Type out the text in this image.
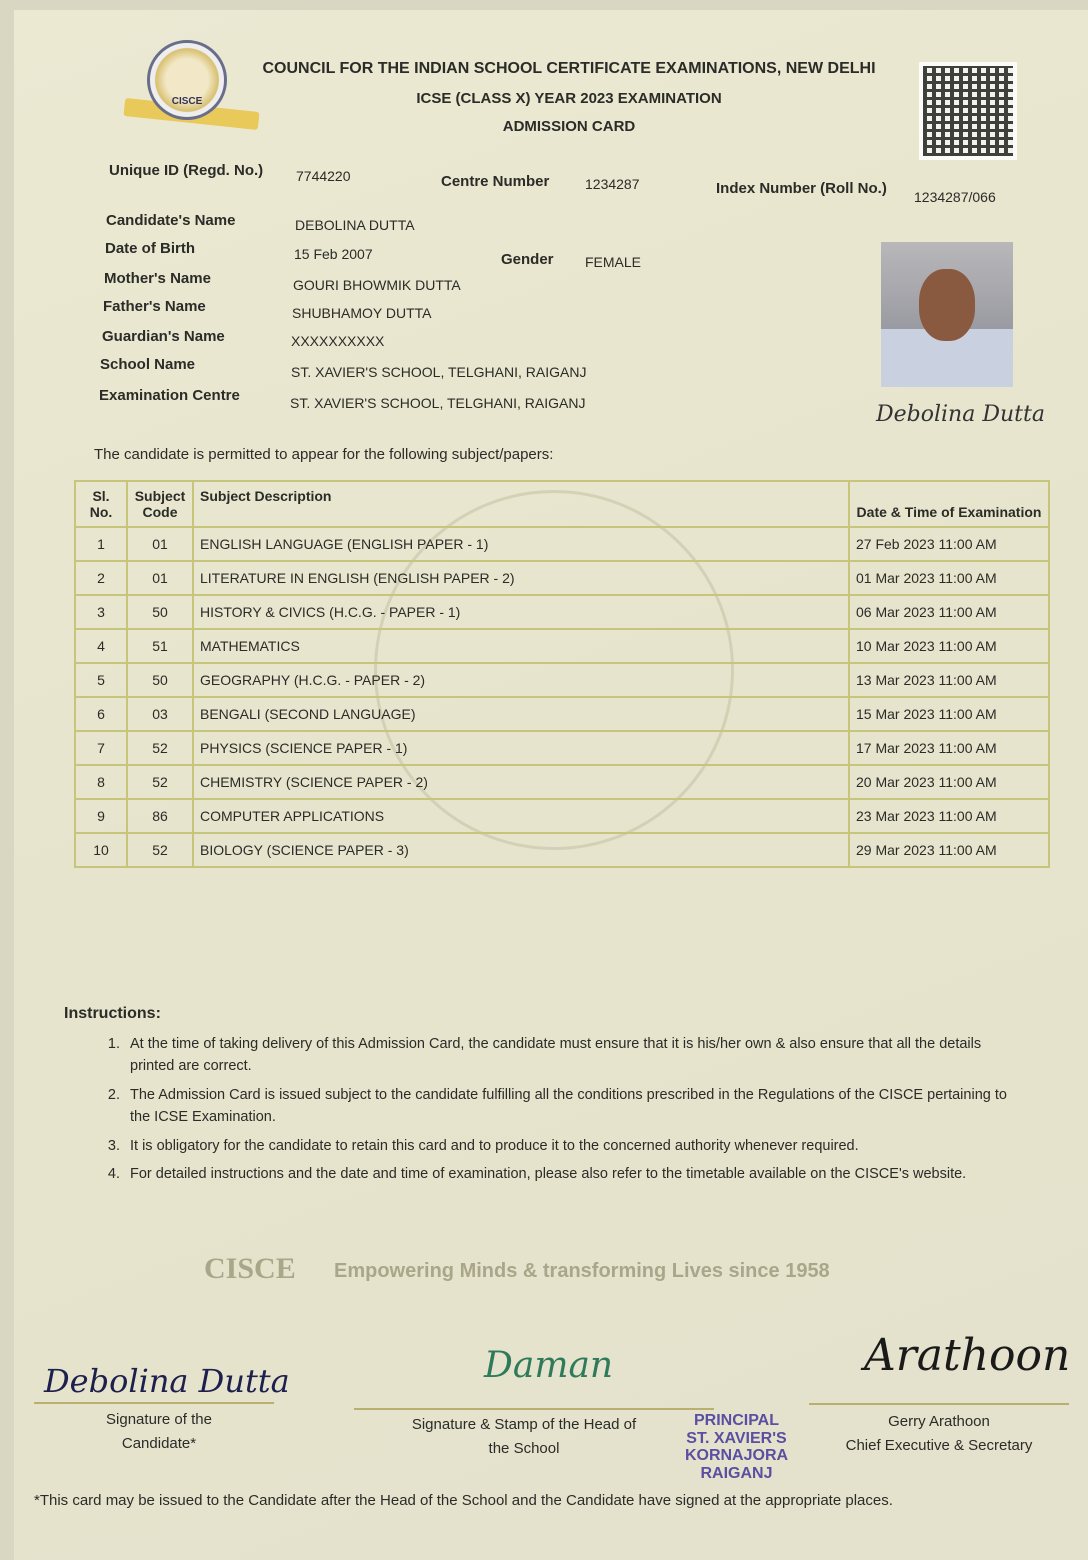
CISCE Empowering Minds & transforming Lives since 1958
CISCE
COUNCIL FOR THE INDIAN SCHOOL CERTIFICATE EXAMINATIONS, NEW DELHI
ICSE (CLASS X) YEAR 2023 EXAMINATION
ADMISSION CARD
Unique ID (Regd. No.) 7744220	Centre Number	1234287	Index Number (Roll No.) 1234287/066
Candidate's Name	DEBOLINA DUTTA
Date of Birth	15 Feb 2007	Gender FEMALE
Mother's Name	GOURI BHOWMIK DUTTA
Father's Name	SHUBHAMOY DUTTA
Guardian's Name	XXXXXXXXXX
School Name	ST. XAVIER'S SCHOOL, TELGHANI, RAIGANJ
Examination Centre	ST. XAVIER'S SCHOOL, TELGHANI, RAIGANJ	Debolina Dutta
The candidate is permitted to appear for the following subject/papers:
Sl. No.	Subject Code	Subject Description	Date & Time of Examination
1	01	ENGLISH LANGUAGE (ENGLISH PAPER - 1)	27 Feb 2023 11:00 AM
2	01	LITERATURE IN ENGLISH (ENGLISH PAPER - 2)	01 Mar 2023 11:00 AM
3	50	HISTORY & CIVICS (H.C.G. - PAPER - 1)	06 Mar 2023 11:00 AM
4	51	MATHEMATICS	10 Mar 2023 11:00 AM
5	50	GEOGRAPHY (H.C.G. - PAPER - 2)	13 Mar 2023 11:00 AM
6	03	BENGALI (SECOND LANGUAGE)	15 Mar 2023 11:00 AM
7	52	PHYSICS (SCIENCE PAPER - 1)	17 Mar 2023 11:00 AM
8	52	CHEMISTRY (SCIENCE PAPER - 2)	20 Mar 2023 11:00 AM
9	86	COMPUTER APPLICATIONS	23 Mar 2023 11:00 AM
10	52	BIOLOGY (SCIENCE PAPER - 3)	29 Mar 2023 11:00 AM
Instructions:
1. At the time of taking delivery of this Admission Card, the candidate must ensure that it is his/her own & also ensure that all the details printed are correct.
2. The Admission Card is issued subject to the candidate fulfilling all the conditions prescribed in the Regulations of the CISCE pertaining to the ICSE Examination.
3. It is obligatory for the candidate to retain this card and to produce it to the concerned authority whenever required.
4. For detailed instructions and the date and time of examination, please also refer to the timetable available on the CISCE's website.
Debolina Dutta
Signature of the
Candidate*
Daman
Signature & Stamp of the Head of
the School
PRINCIPAL
ST. XAVIER'S
KORNAJORA
RAIGANJ
Arathoon
Gerry Arathoon
Chief Executive & Secretary
*This card may be issued to the Candidate after the Head of the School and the Candidate have signed at the appropriate places.
